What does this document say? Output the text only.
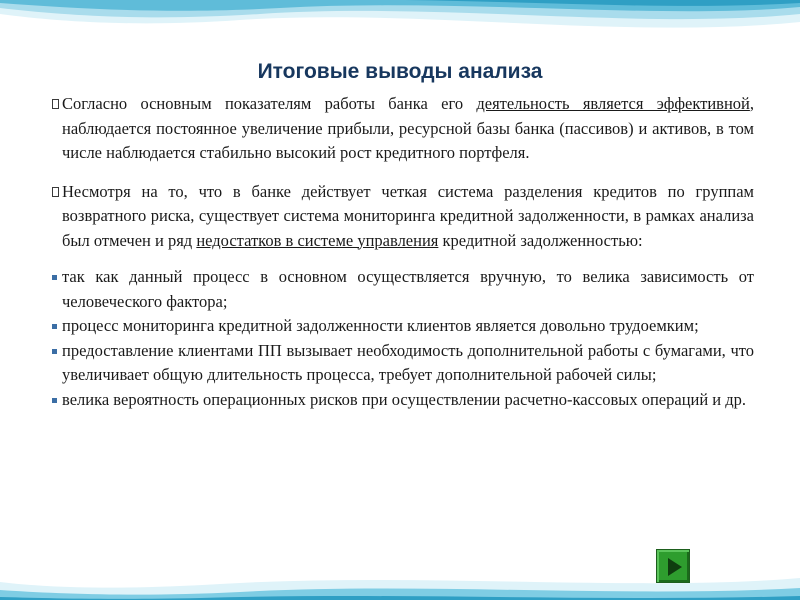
Итоговые выводы анализа
Согласно основным показателям работы банка его деятельность является эффективной, наблюдается постоянное увеличение прибыли, ресурсной базы банка (пассивов) и активов, в том числе наблюдается стабильно высокий рост кредитного портфеля.
Несмотря на то, что в банке действует четкая система разделения кредитов по группам возвратного риска, существует система мониторинга кредитной задолженности, в рамках анализа был отмечен и ряд недостатков в системе управления кредитной задолженностью:
так как данный процесс в основном осуществляется вручную, то велика зависимость от человеческого фактора;
процесс мониторинга кредитной задолженности клиентов является довольно трудоемким;
предоставление клиентами ПП вызывает необходимость дополнительной работы с бумагами, что увеличивает общую длительность процесса, требует дополнительной рабочей силы;
велика вероятность операционных рисков при осуществлении расчетно-кассовых операций и др.
